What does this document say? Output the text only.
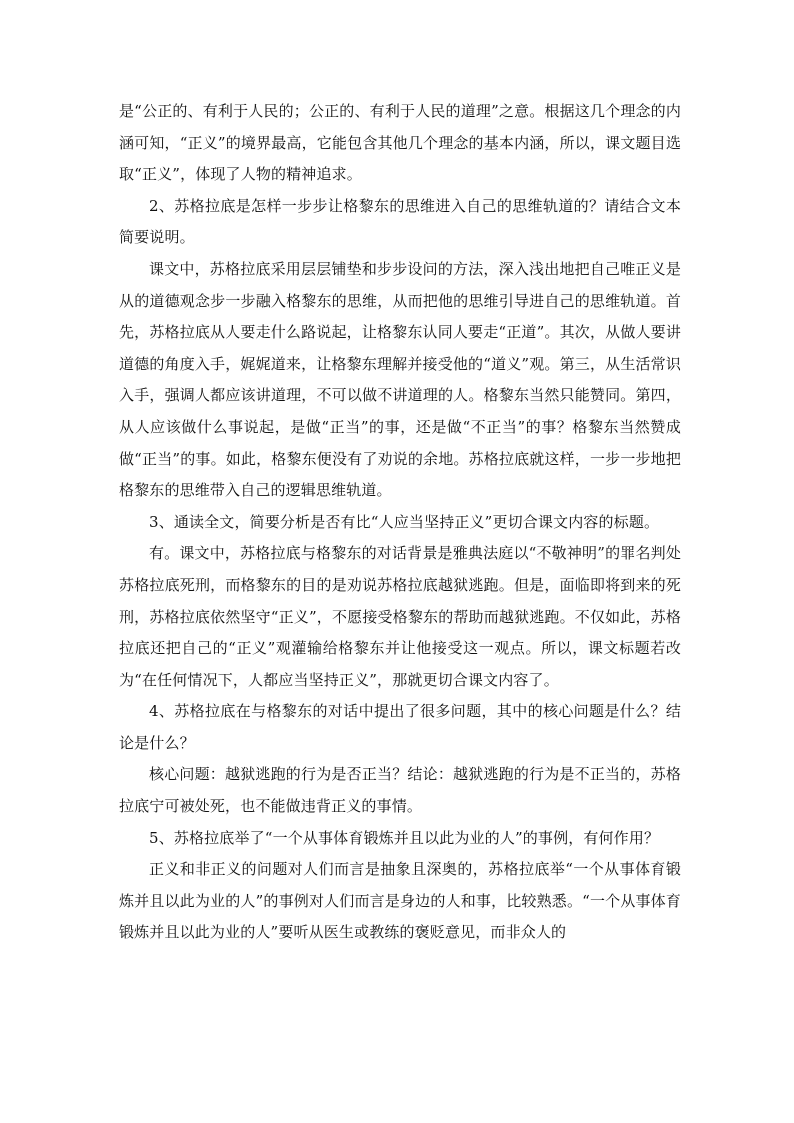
是“公正的、有利于人民的；公正的、有利于人民的道理”之意。根据这几个理念的内涵可知，“正义”的境界最高，它能包含其他几个理念的基本内涵，所以，课文题目选取“正义”，体现了人物的精神追求。

2、苏格拉底是怎样一步步让格黎东的思维进入自己的思维轨道的？请结合文本简要说明。

课文中，苏格拉底采用层层铺垫和步步设问的方法，深入浅出地把自己唯正义是从的道德观念步一步融入格黎东的思维，从而把他的思维引导进自己的思维轨道。首先，苏格拉底从人要走什么路说起，让格黎东认同人要走“正道”。其次，从做人要讲道德的角度入手，娓娓道来，让格黎东理解并接受他的“道义”观。第三，从生活常识入手，强调人都应该讲道理，不可以做不讲道理的人。格黎东当然只能赞同。第四，从人应该做什么事说起，是做“正当”的事，还是做“不正当”的事？格黎东当然赞成做“正当”的事。如此，格黎东便没有了劝说的余地。苏格拉底就这样，一步一步地把格黎东的思维带入自己的逻辑思维轨道。

3、通读全文，简要分析是否有比“人应当坚持正义”更切合课文内容的标题。

有。课文中，苏格拉底与格黎东的对话背景是雅典法庭以“不敬神明”的罪名判处苏格拉底死刑，而格黎东的目的是劝说苏格拉底越狱逃跑。但是，面临即将到来的死刑，苏格拉底依然坚守“正义”，不愿接受格黎东的帮助而越狱逃跑。不仅如此，苏格拉底还把自己的“正义”观灌输给格黎东并让他接受这一观点。所以，课文标题若改为“在任何情况下，人都应当坚持正义”，那就更切合课文内容了。

4、苏格拉底在与格黎东的对话中提出了很多问题，其中的核心问题是什么？结论是什么？

核心问题：越狱逃跑的行为是否正当？结论：越狱逃跑的行为是不正当的，苏格拉底宁可被处死，也不能做违背正义的事情。

5、苏格拉底举了“一个从事体育锻炼并且以此为业的人”的事例，有何作用？

正义和非正义的问题对人们而言是抽象且深奥的，苏格拉底举“一个从事体育锻炼并且以此为业的人”的事例对人们而言是身边的人和事，比较熟悉。“一个从事体育锻炼并且以此为业的人”要听从医生或教练的褒贬意见，而非众人的
